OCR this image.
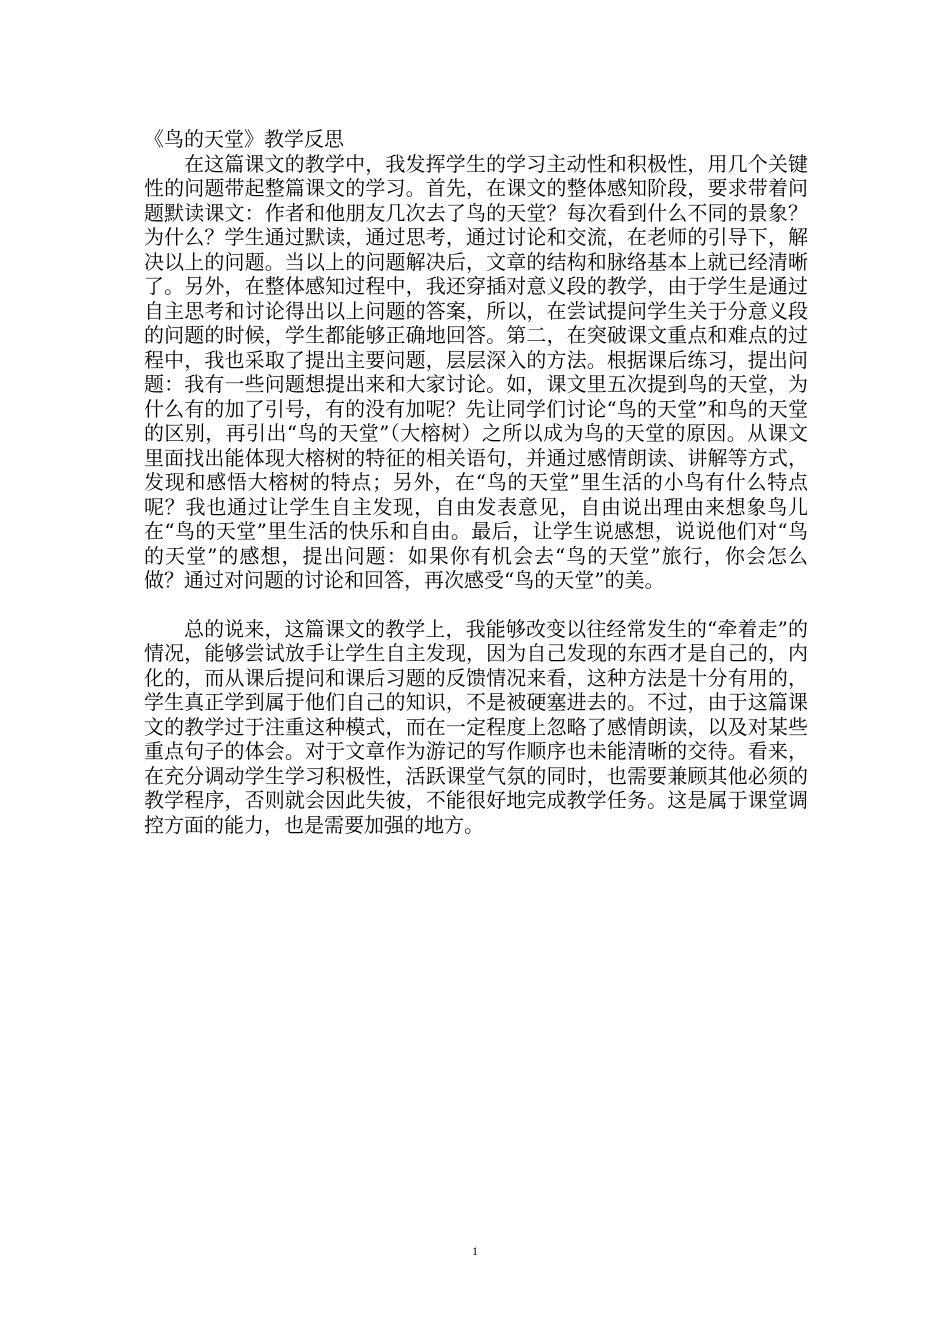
《鸟的天堂》教学反思

在这篇课文的教学中，我发挥学生的学习主动性和积极性，用几个关键性的问题带起整篇课文的学习。首先，在课文的整体感知阶段，要求带着问题默读课文：作者和他朋友几次去了鸟的天堂？每次看到什么不同的景象？为什么？学生通过默读，通过思考，通过讨论和交流，在老师的引导下，解决以上的问题。当以上的问题解决后，文章的结构和脉络基本上就已经清晰了。另外，在整体感知过程中，我还穿插对意义段的教学，由于学生是通过自主思考和讨论得出以上问题的答案，所以，在尝试提问学生关于分意义段的问题的时候，学生都能够正确地回答。第二，在突破课文重点和难点的过程中，我也采取了提出主要问题，层层深入的方法。根据课后练习，提出问题：我有一些问题想提出来和大家讨论。如，课文里五次提到鸟的天堂，为什么有的加了引号，有的没有加呢？先让同学们讨论“鸟的天堂”和鸟的天堂的区别，再引出“鸟的天堂”（大榕树）之所以成为鸟的天堂的原因。从课文里面找出能体现大榕树的特征的相关语句，并通过感情朗读、讲解等方式，发现和感悟大榕树的特点；另外，在“鸟的天堂”里生活的小鸟有什么特点呢？我也通过让学生自主发现，自由发表意见，自由说出理由来想象鸟儿在“鸟的天堂”里生活的快乐和自由。最后，让学生说感想，说说他们对“鸟的天堂”的感想，提出问题：如果你有机会去“鸟的天堂”旅行，你会怎么做？通过对问题的讨论和回答，再次感受“鸟的天堂”的美。

总的说来，这篇课文的教学上，我能够改变以往经常发生的“牵着走”的情况，能够尝试放手让学生自主发现，因为自己发现的东西才是自己的，内化的，而从课后提问和课后习题的反馈情况来看，这种方法是十分有用的，学生真正学到属于他们自己的知识，不是被硬塞进去的。不过，由于这篇课文的教学过于注重这种模式，而在一定程度上忽略了感情朗读，以及对某些重点句子的体会。对于文章作为游记的写作顺序也未能清晰的交待。看来，在充分调动学生学习积极性，活跃课堂气氛的同时，也需要兼顾其他必须的教学程序，否则就会因此失彼，不能很好地完成教学任务。这是属于课堂调控方面的能力，也是需要加强的地方。

1
